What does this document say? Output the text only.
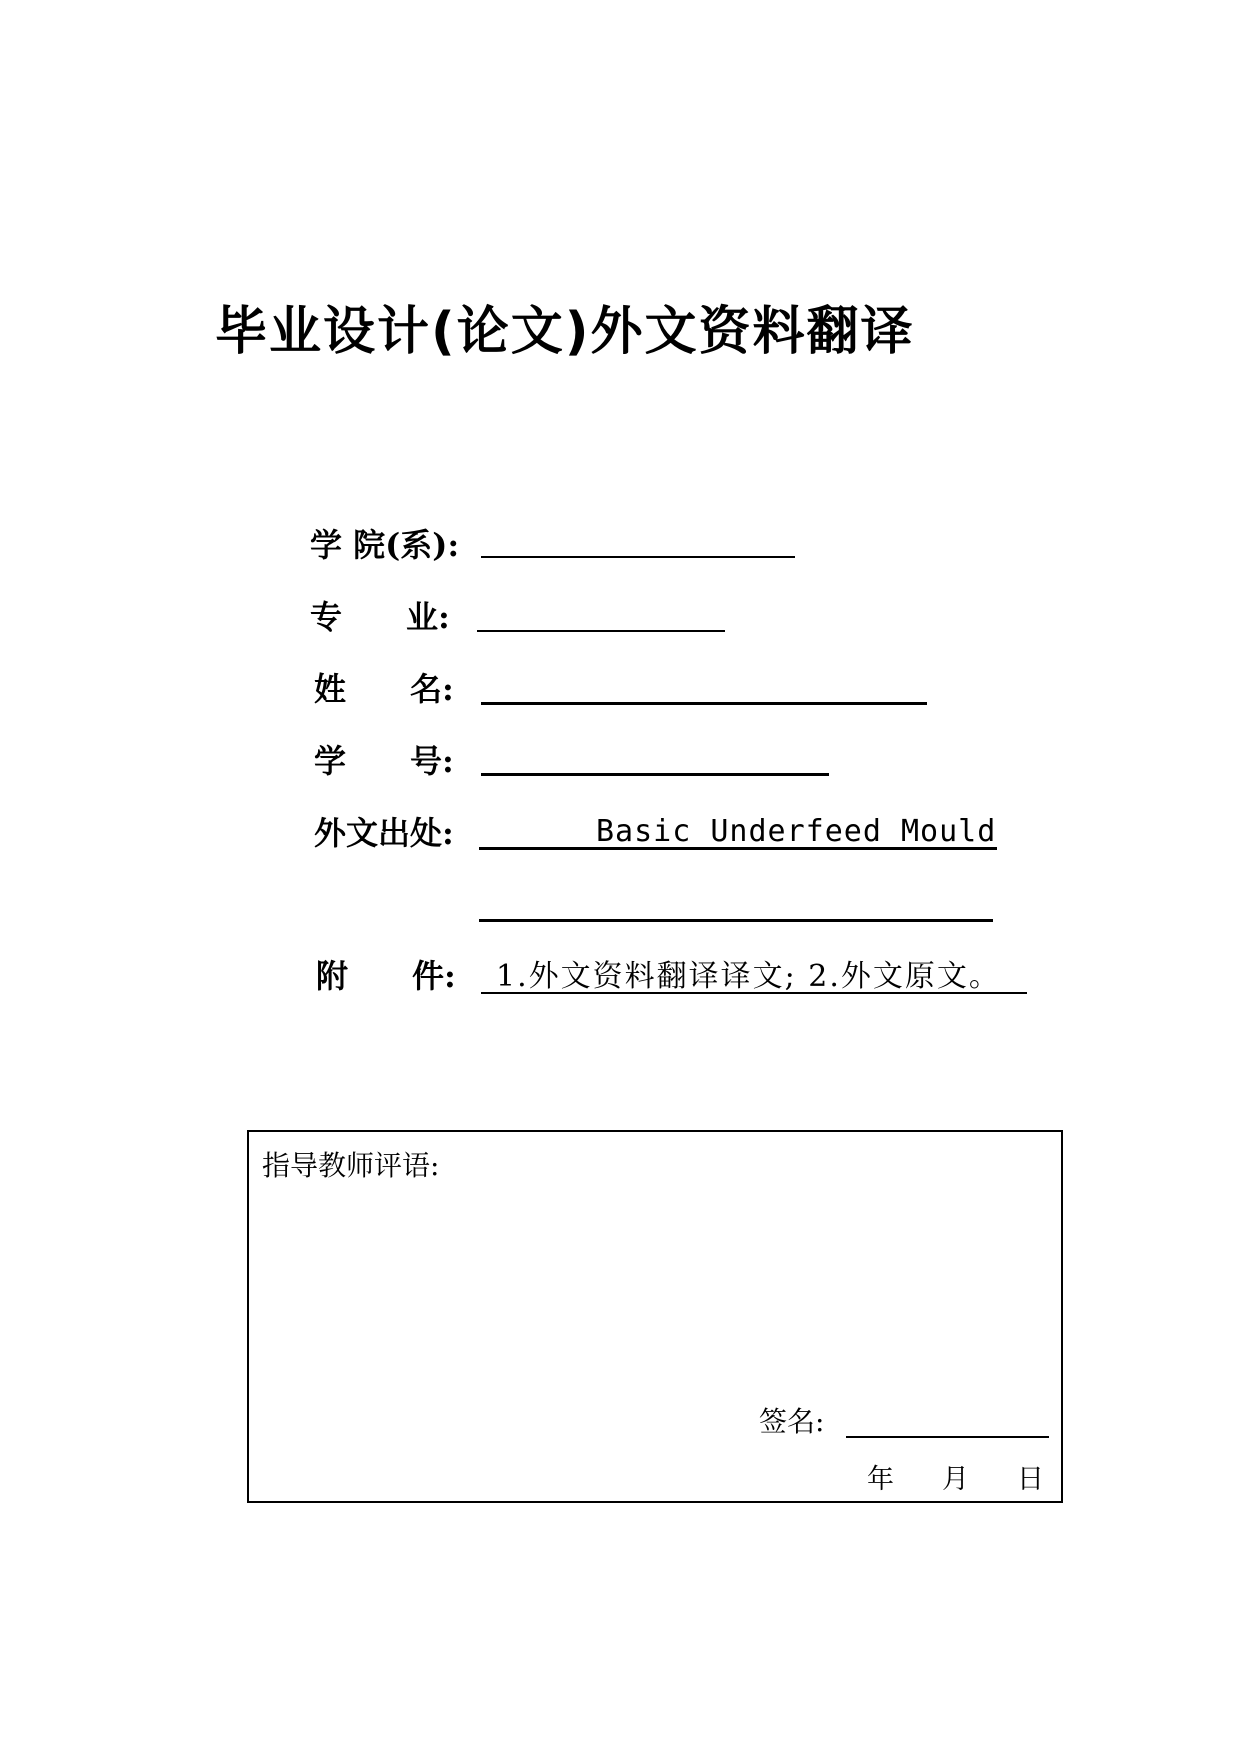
毕业设计(论文)外文资料翻译
学 院(系):
专　　业:
姓　　名:
学　　号:
外文出处:	Basic Underfeed Mould
附　　件: 1.外文资料翻译译文; 2.外文原文。
指导教师评语:
签名:
年 月 日
